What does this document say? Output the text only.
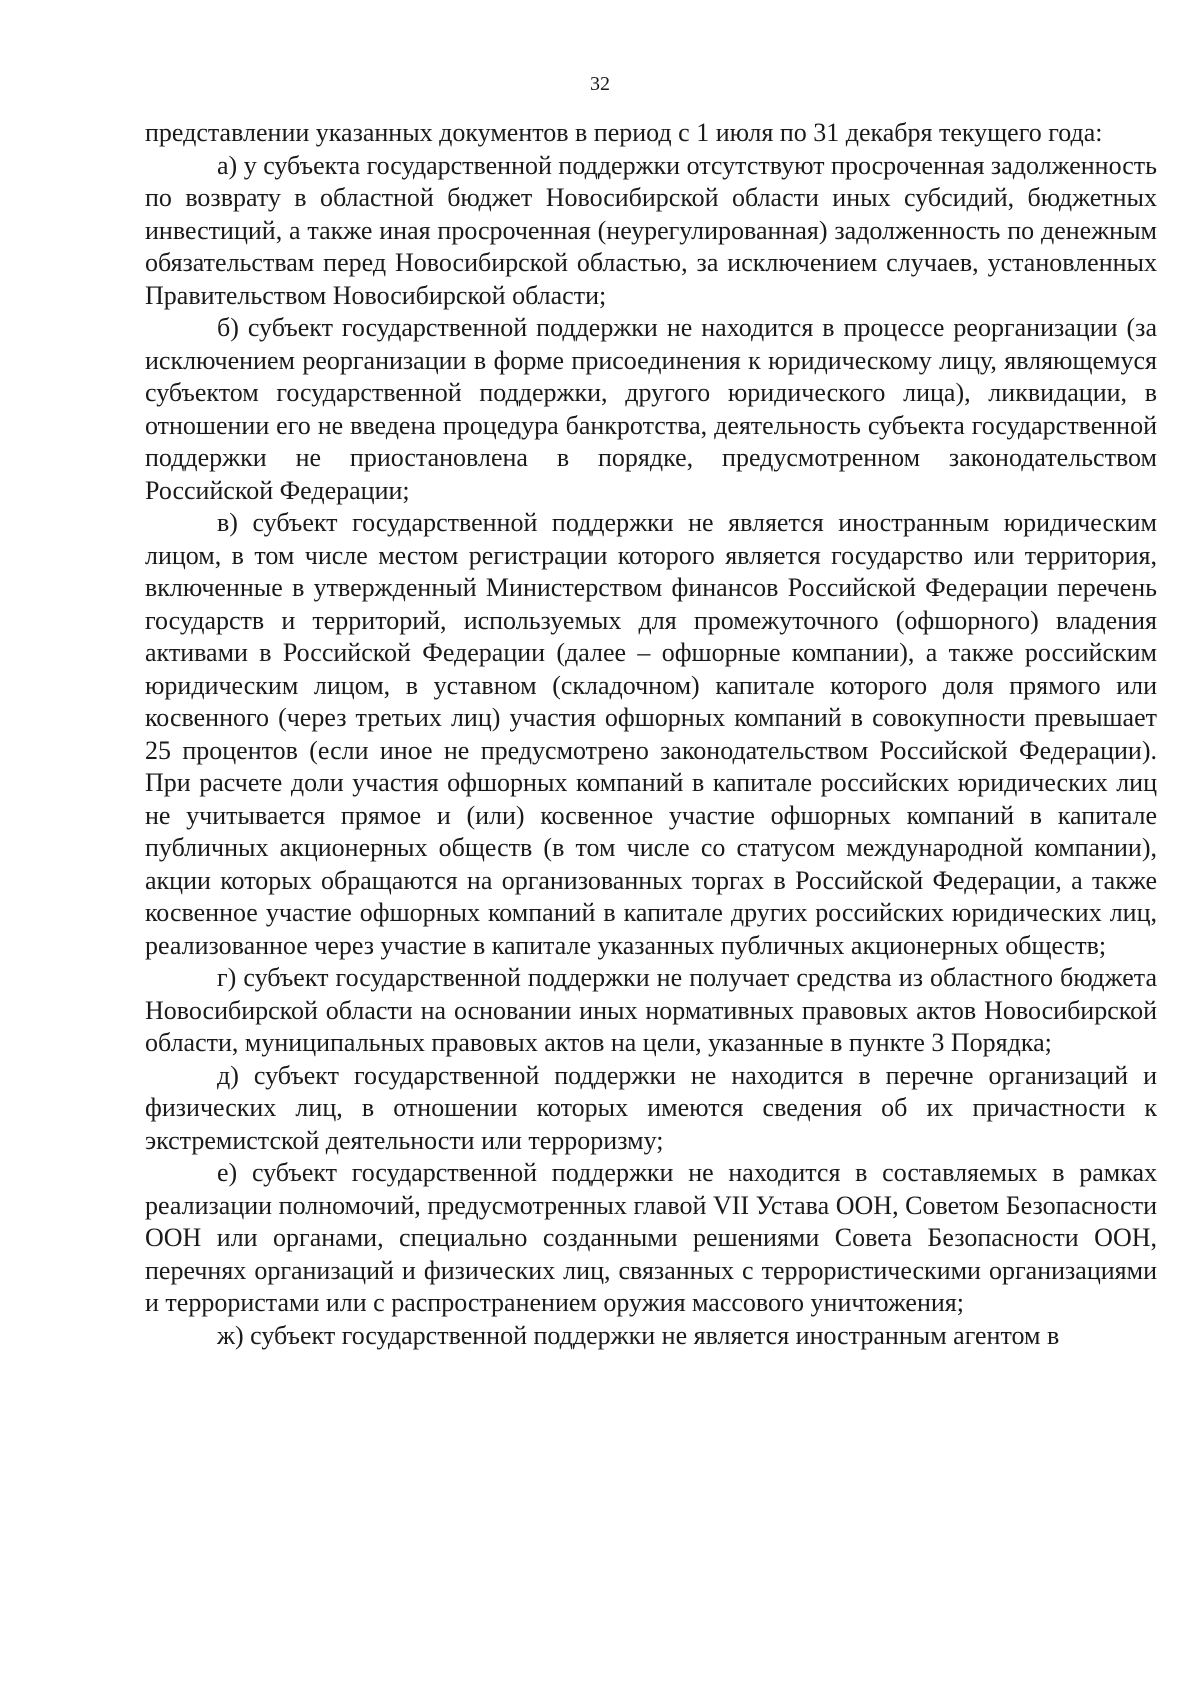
32

представлении указанных документов в период с 1 июля по 31 декабря текущего года:

а) у субъекта государственной поддержки отсутствуют просроченная задолженность по возврату в областной бюджет Новосибирской области иных субсидий, бюджетных инвестиций, а также иная просроченная (неурегулированная) задолженность по денежным обязательствам перед Новосибирской областью, за исключением случаев, установленных Правительством Новосибирской области;

б) субъект государственной поддержки не находится в процессе реорганизации (за исключением реорганизации в форме присоединения к юридическому лицу, являющемуся субъектом государственной поддержки, другого юридического лица), ликвидации, в отношении его не введена процедура банкротства, деятельность субъекта государственной поддержки не приостановлена в порядке, предусмотренном законодательством Российской Федерации;

в) субъект государственной поддержки не является иностранным юридическим лицом, в том числе местом регистрации которого является государство или территория, включенные в утвержденный Министерством финансов Российской Федерации перечень государств и территорий, используемых для промежуточного (офшорного) владения активами в Российской Федерации (далее – офшорные компании), а также российским юридическим лицом, в уставном (складочном) капитале которого доля прямого или косвенного (через третьих лиц) участия офшорных компаний в совокупности превышает 25 процентов (если иное не предусмотрено законодательством Российской Федерации). При расчете доли участия офшорных компаний в капитале российских юридических лиц не учитывается прямое и (или) косвенное участие офшорных компаний в капитале публичных акционерных обществ (в том числе со статусом международной компании), акции которых обращаются на организованных торгах в Российской Федерации, а также косвенное участие офшорных компаний в капитале других российских юридических лиц, реализованное через участие в капитале указанных публичных акционерных обществ;

г) субъект государственной поддержки не получает средства из областного бюджета Новосибирской области на основании иных нормативных правовых актов Новосибирской области, муниципальных правовых актов на цели, указанные в пункте 3 Порядка;

д) субъект государственной поддержки не находится в перечне организаций и физических лиц, в отношении которых имеются сведения об их причастности к экстремистской деятельности или терроризму;

е) субъект государственной поддержки не находится в составляемых в рамках реализации полномочий, предусмотренных главой VII Устава ООН, Советом Безопасности ООН или органами, специально созданными решениями Совета Безопасности ООН, перечнях организаций и физических лиц, связанных с террористическими организациями и террористами или с распространением оружия массового уничтожения;

ж) субъект государственной поддержки не является иностранным агентом в
